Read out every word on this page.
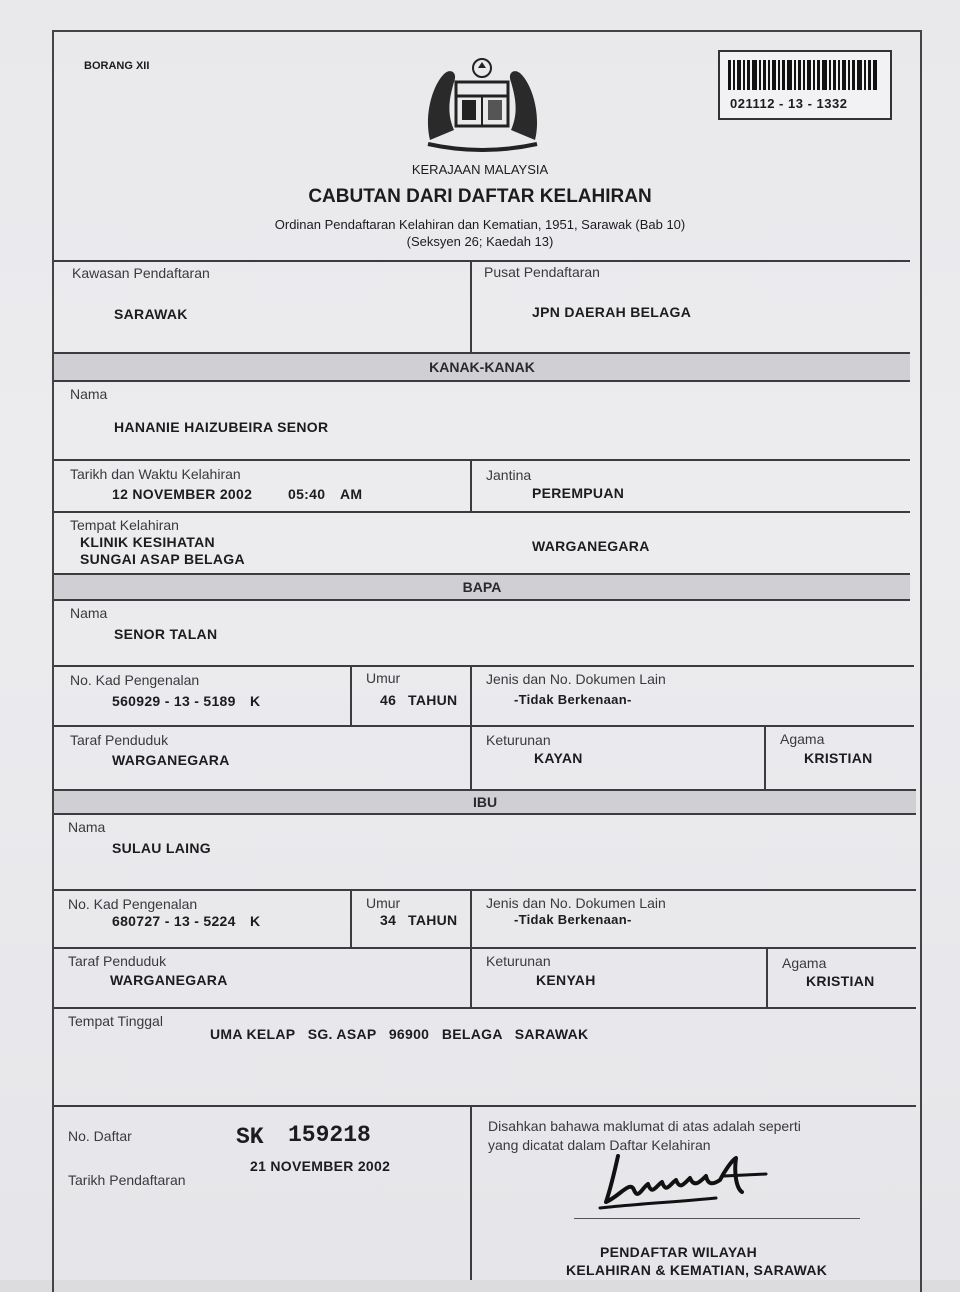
BORANG XII
021112 - 13 - 1332
KERAJAAN MALAYSIA
CABUTAN DARI DAFTAR KELAHIRAN
Ordinan Pendaftaran Kelahiran dan Kematian, 1951, Sarawak (Bab 10)
(Seksyen 26; Kaedah 13)
Kawasan Pendaftaran
SARAWAK
Pusat Pendaftaran
JPN DAERAH BELAGA
KANAK-KANAK
Nama
HANANIE HAIZUBEIRA SENOR
Tarikh dan Waktu Kelahiran
12 NOVEMBER 2002	05:40 AM
Jantina
PEREMPUAN
Tempat Kelahiran
KLINIK KESIHATAN
SUNGAI ASAP BELAGA
WARGANEGARA
BAPA
Nama
SENOR TALAN
No. Kad Pengenalan
560929 - 13 - 5189 K
Umur
46 TAHUN
Jenis dan No. Dokumen Lain
-Tidak Berkenaan-
Taraf Penduduk
WARGANEGARA
Keturunan
KAYAN
Agama
KRISTIAN
IBU
Nama
SULAU LAING
No. Kad Pengenalan
680727 - 13 - 5224 K
Umur
34 TAHUN
Jenis dan No. Dokumen Lain
-Tidak Berkenaan-
Taraf Penduduk
WARGANEGARA
Keturunan
KENYAH
Agama
KRISTIAN
Tempat Tinggal
UMA KELAP   SG. ASAP   96900   BELAGA   SARAWAK
No. Daftar	SK 159218
21 NOVEMBER 2002
Tarikh Pendaftaran
Disahkan bahawa maklumat di atas adalah seperti
yang dicatat dalam Daftar Kelahiran
PENDAFTAR WILAYAH
KELAHIRAN & KEMATIAN, SARAWAK
